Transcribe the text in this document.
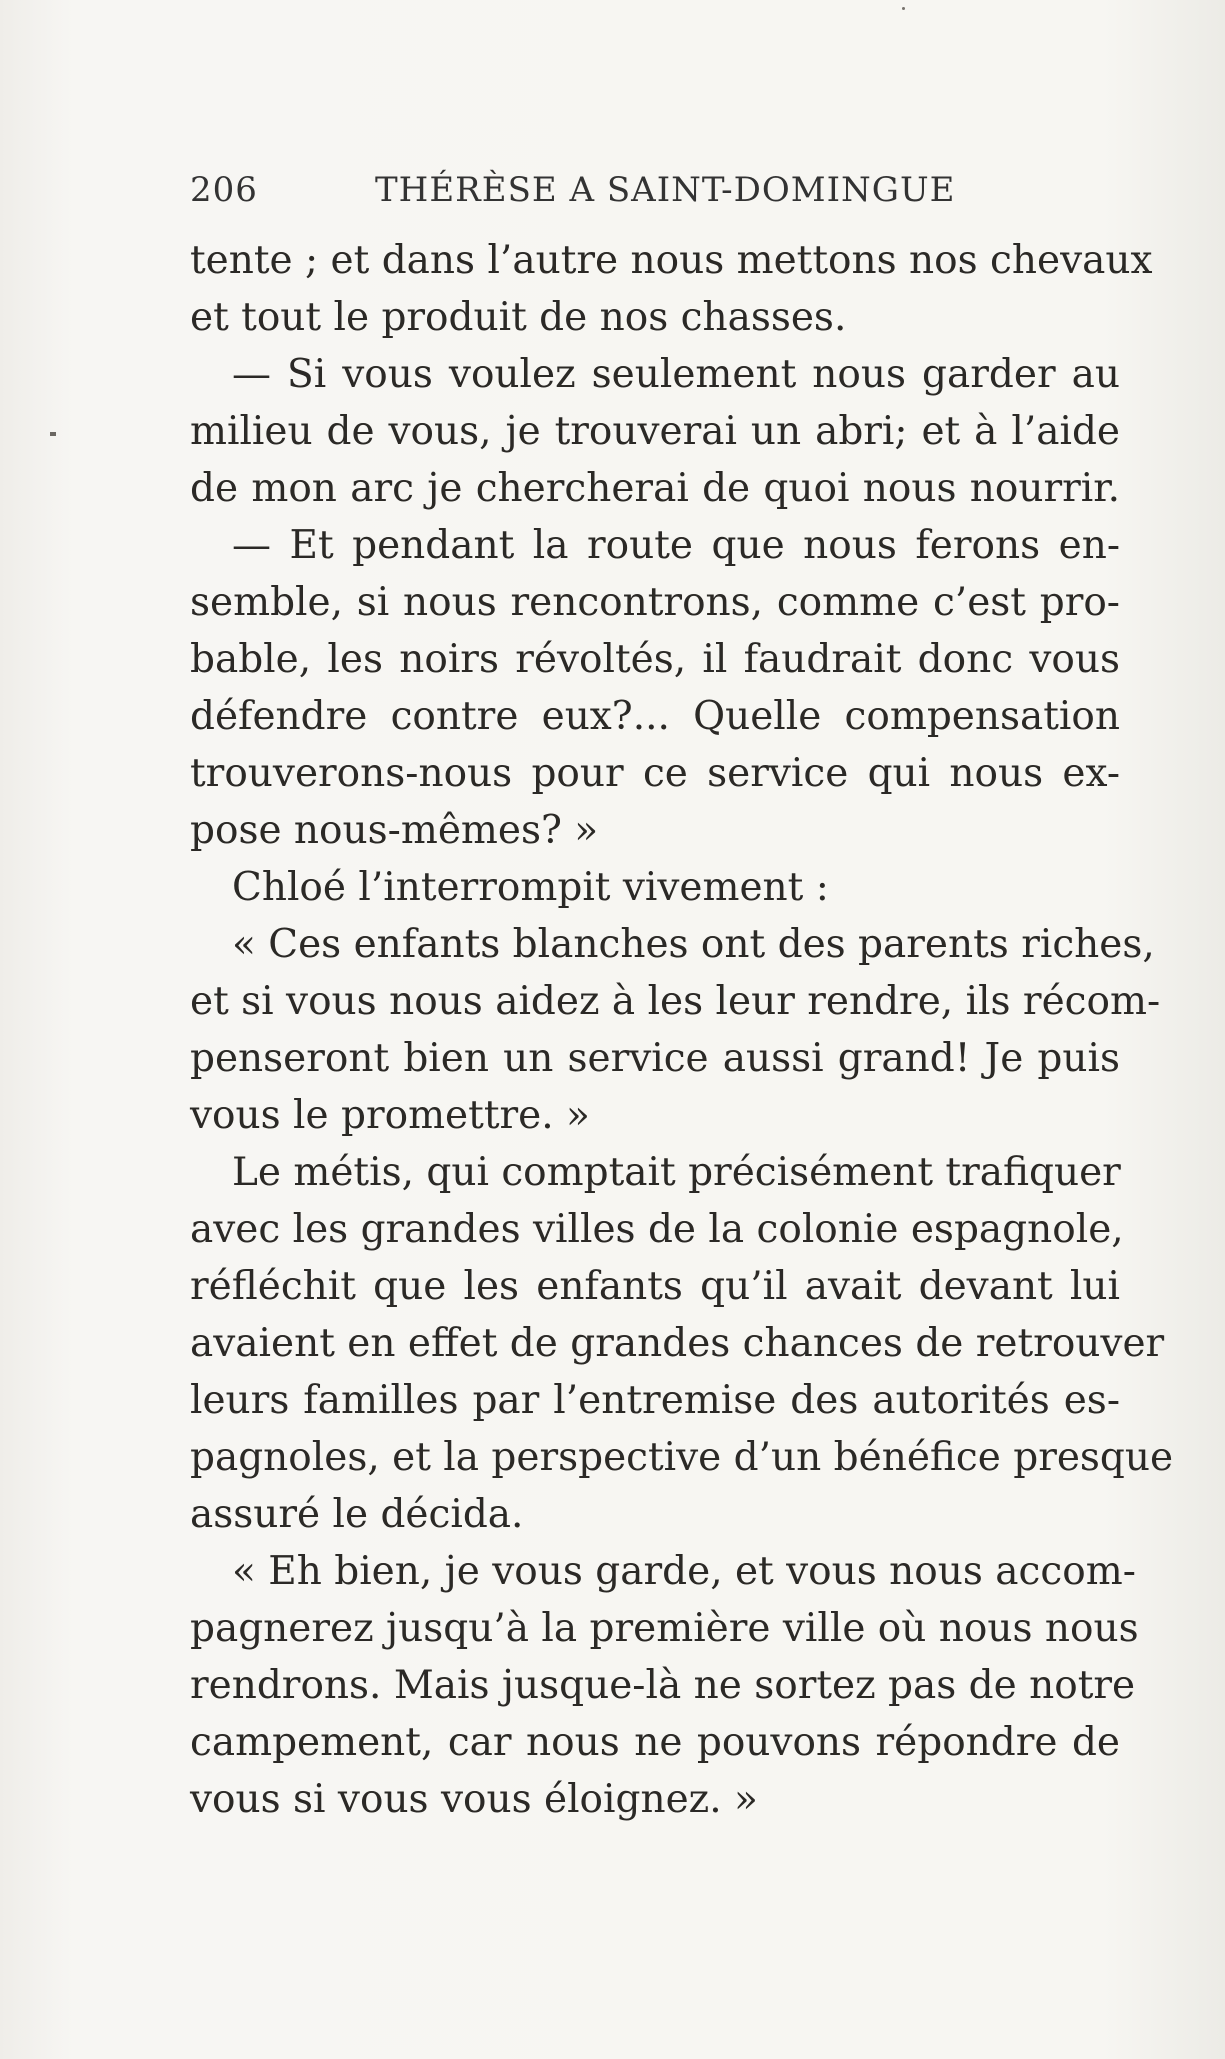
206	THÉRÈSE A SAINT-DOMINGUE
tente ; et dans l’autre nous mettons nos chevaux
et tout le produit de nos chasses.
— Si vous voulez seulement nous garder au
milieu de vous, je trouverai un abri; et à l’aide
de mon arc je chercherai de quoi nous nourrir.
— Et pendant la route que nous ferons en-
semble, si nous rencontrons, comme c’est pro-
bable, les noirs révoltés, il faudrait donc vous
défendre contre eux?... Quelle compensation
trouverons-nous pour ce service qui nous ex-
pose nous-mêmes? »
Chloé l’interrompit vivement :
« Ces enfants blanches ont des parents riches,
et si vous nous aidez à les leur rendre, ils récom-
penseront bien un service aussi grand! Je puis
vous le promettre. »
Le métis, qui comptait précisément trafiquer
avec les grandes villes de la colonie espagnole,
réfléchit que les enfants qu’il avait devant lui
avaient en effet de grandes chances de retrouver
leurs familles par l’entremise des autorités es-
pagnoles, et la perspective d’un bénéfice presque
assuré le décida.
« Eh bien, je vous garde, et vous nous accom-
pagnerez jusqu’à la première ville où nous nous
rendrons. Mais jusque-là ne sortez pas de notre
campement, car nous ne pouvons répondre de
vous si vous vous éloignez. »
